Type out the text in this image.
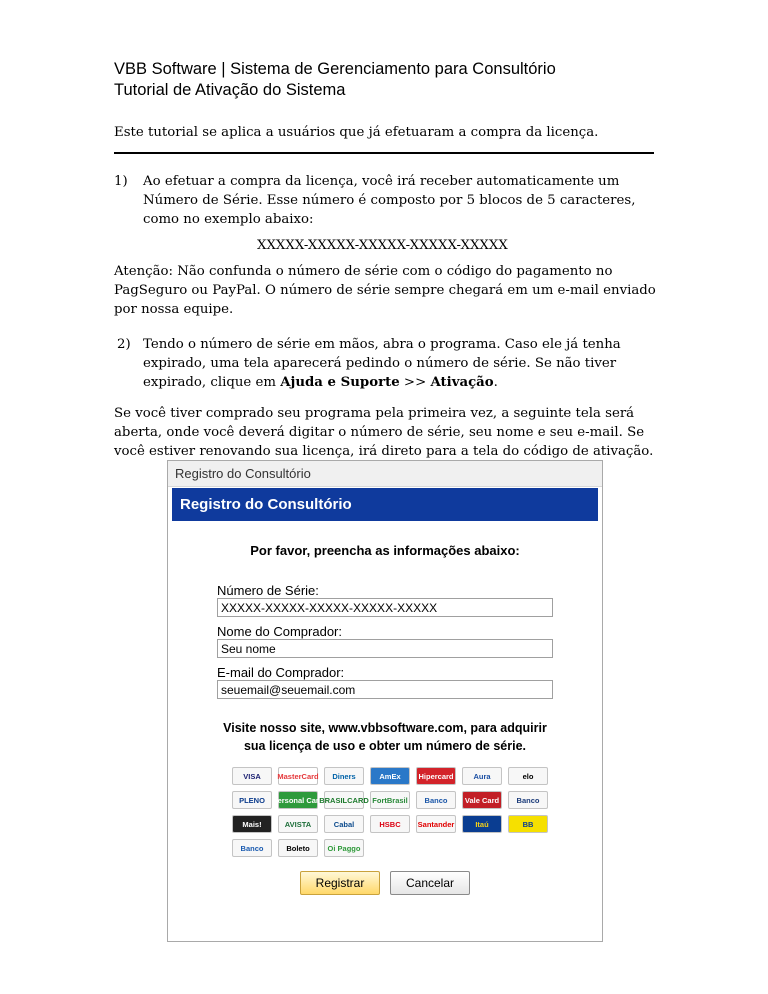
VBB Software | Sistema de Gerenciamento para Consultório
Tutorial de Ativação do Sistema
Este tutorial se aplica a usuários que já efetuaram a compra da licença.
1) Ao efetuar a compra da licença, você irá receber automaticamente um
Número de Série. Esse número é composto por 5 blocos de 5 caracteres,
como no exemplo abaixo:
XXXXX-XXXXX-XXXXX-XXXXX-XXXXX
Atenção: Não confunda o número de série com o código do pagamento no
PagSeguro ou PayPal. O número de série sempre chegará em um e-mail enviado
por nossa equipe.
2) Tendo o número de série em mãos, abra o programa. Caso ele já tenha
expirado, uma tela aparecerá pedindo o número de série. Se não tiver
expirado, clique em Ajuda e Suporte >> Ativação.
Se você tiver comprado seu programa pela primeira vez, a seguinte tela será
aberta, onde você deverá digitar o número de série, seu nome e seu e-mail. Se
você estiver renovando sua licença, irá direto para a tela do código de ativação.
Registro do Consultório
Registro do Consultório
Por favor, preencha as informações abaixo:
Número de Série:
XXXXX-XXXXX-XXXXX-XXXXX-XXXXX
Nome do Comprador:
Seu nome
E-mail do Comprador:
seuemail@seuemail.com
Visite nosso site, www.vbbsoftware.com, para adquirir
sua licença de uso e obter um número de série.
VISA MasterCard Diners	AmEx Hipercard	Aura	elo
PLENO Personal Card
BRASILCARD FortBrasil Banco Vale Card Banco
Mais!	AVISTA	Cabal	HSBC Santander	Itaú	BB
Banco	Boleto Oi Paggo
Registrar	Cancelar
